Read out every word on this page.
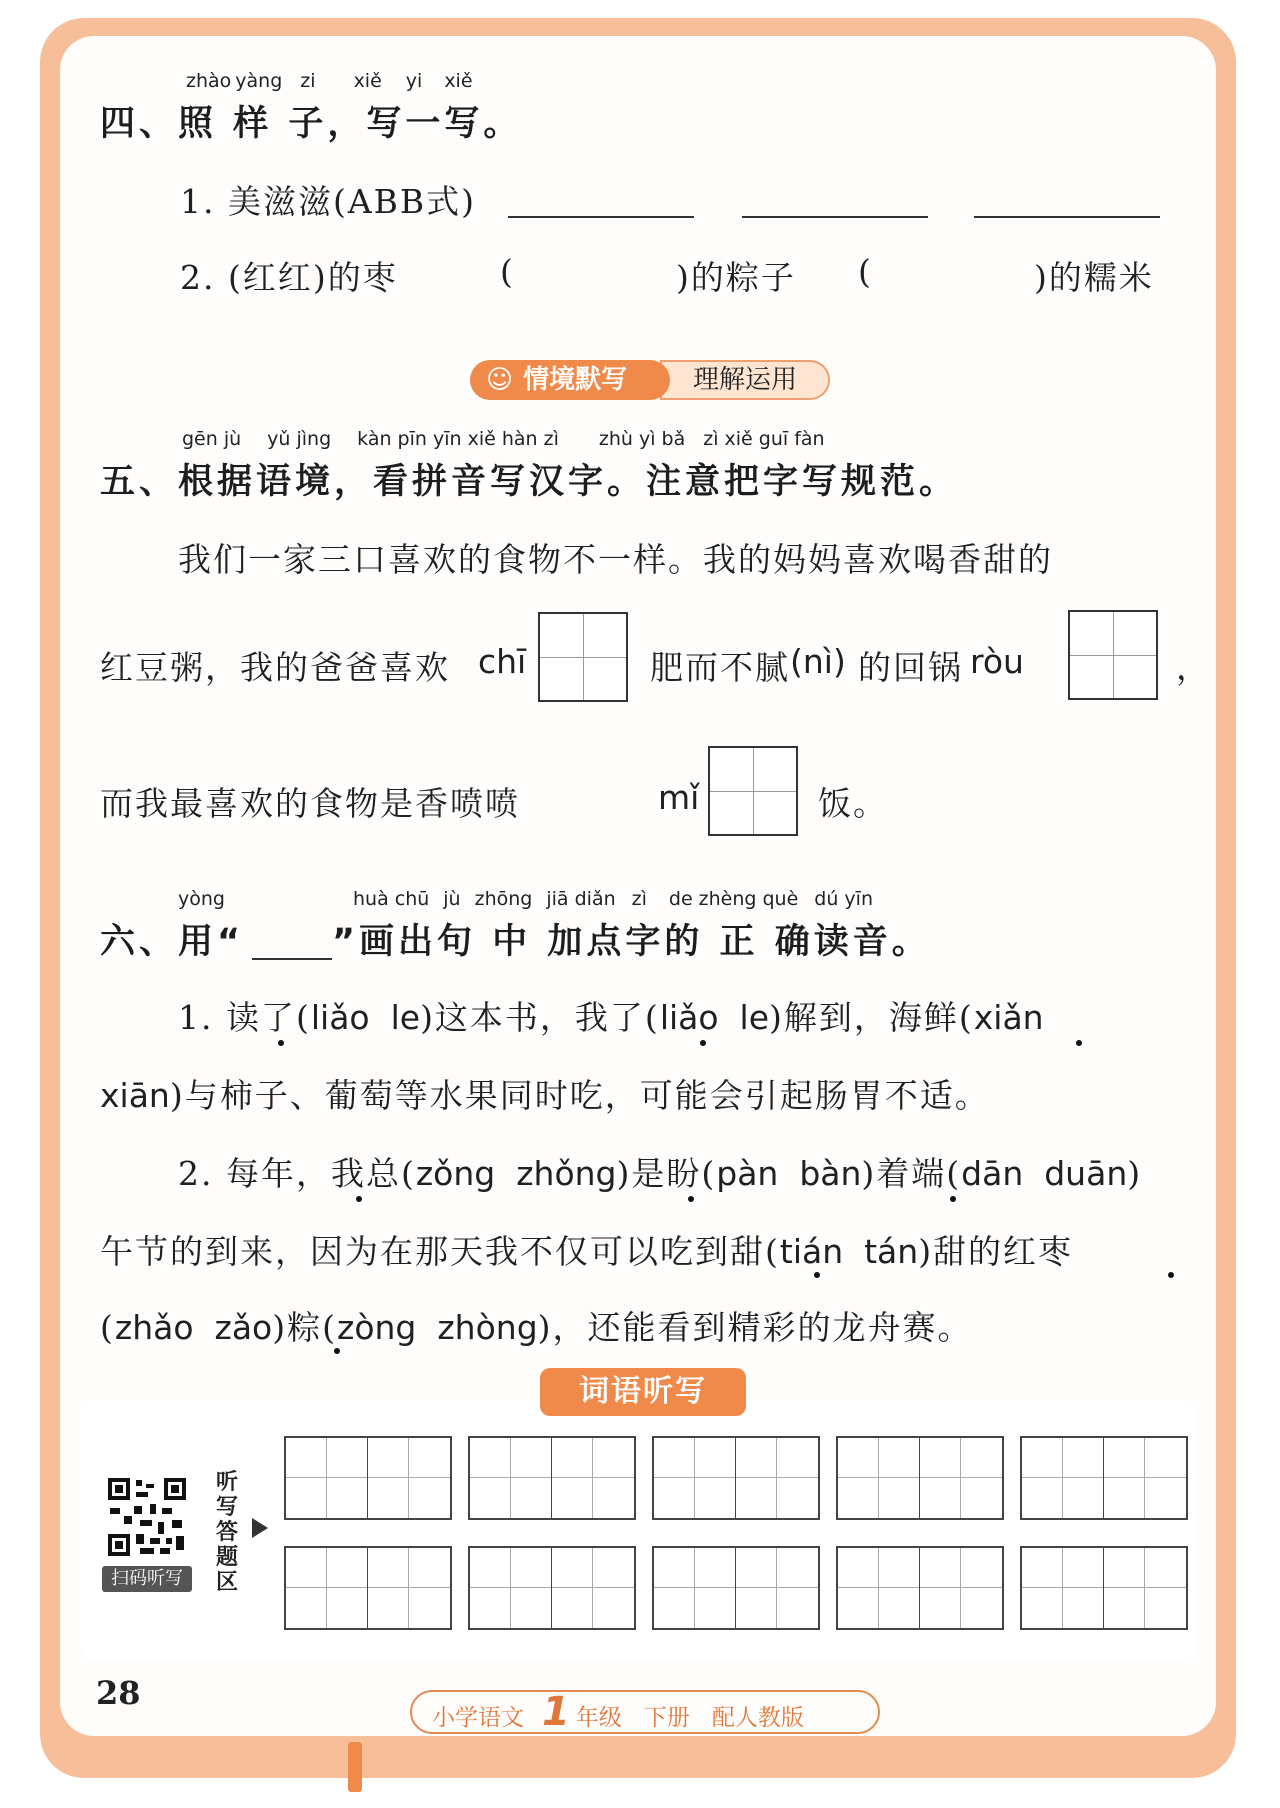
zhào yàng zi xiě yi xiě
四、照 样 子，写一写。
1. 美滋滋(ABB式)
2. (红红)的枣	(	)的粽子 (	)的糯米
理解运用
☺ 情境默写
gēn jù yǔ jìng kàn pīn yīn xiě hàn zì zhù yì bǎ zì xiě guī fàn
五、根据语境，看拼音写汉字。注意把字写规范。
我们一家三口喜欢的食物不一样。我的妈妈喜欢喝香甜的
红豆粥，我的爸爸喜欢 chī	肥而不腻 (nì) 的回锅 ròu	，
而我最喜欢的食物是香喷喷	mǐ	饭。
yòng	huà chū jù zhōng jiā diǎn zì de zhèng què dú yīn
六、用“	”画出句 中 加点字的 正 确读音。
1. 读了(liǎo  le)这本书，我了(liǎo  le)解到，海鲜(xiǎn
xiān)与柿子、葡萄等水果同时吃，可能会引起肠胃不适。
2. 每年，我总(zǒng  zhǒng)是盼(pàn  bàn)着端(dān  duān)
午节的到来，因为在那天我不仅可以吃到甜(tián  tán)甜的红枣
(zhǎo  zǎo)粽(zòng  zhòng)，还能看到精彩的龙舟赛。
词语听写
扫码听写
听写答题区
28
小学语文 1 年级 下册 配人教版
